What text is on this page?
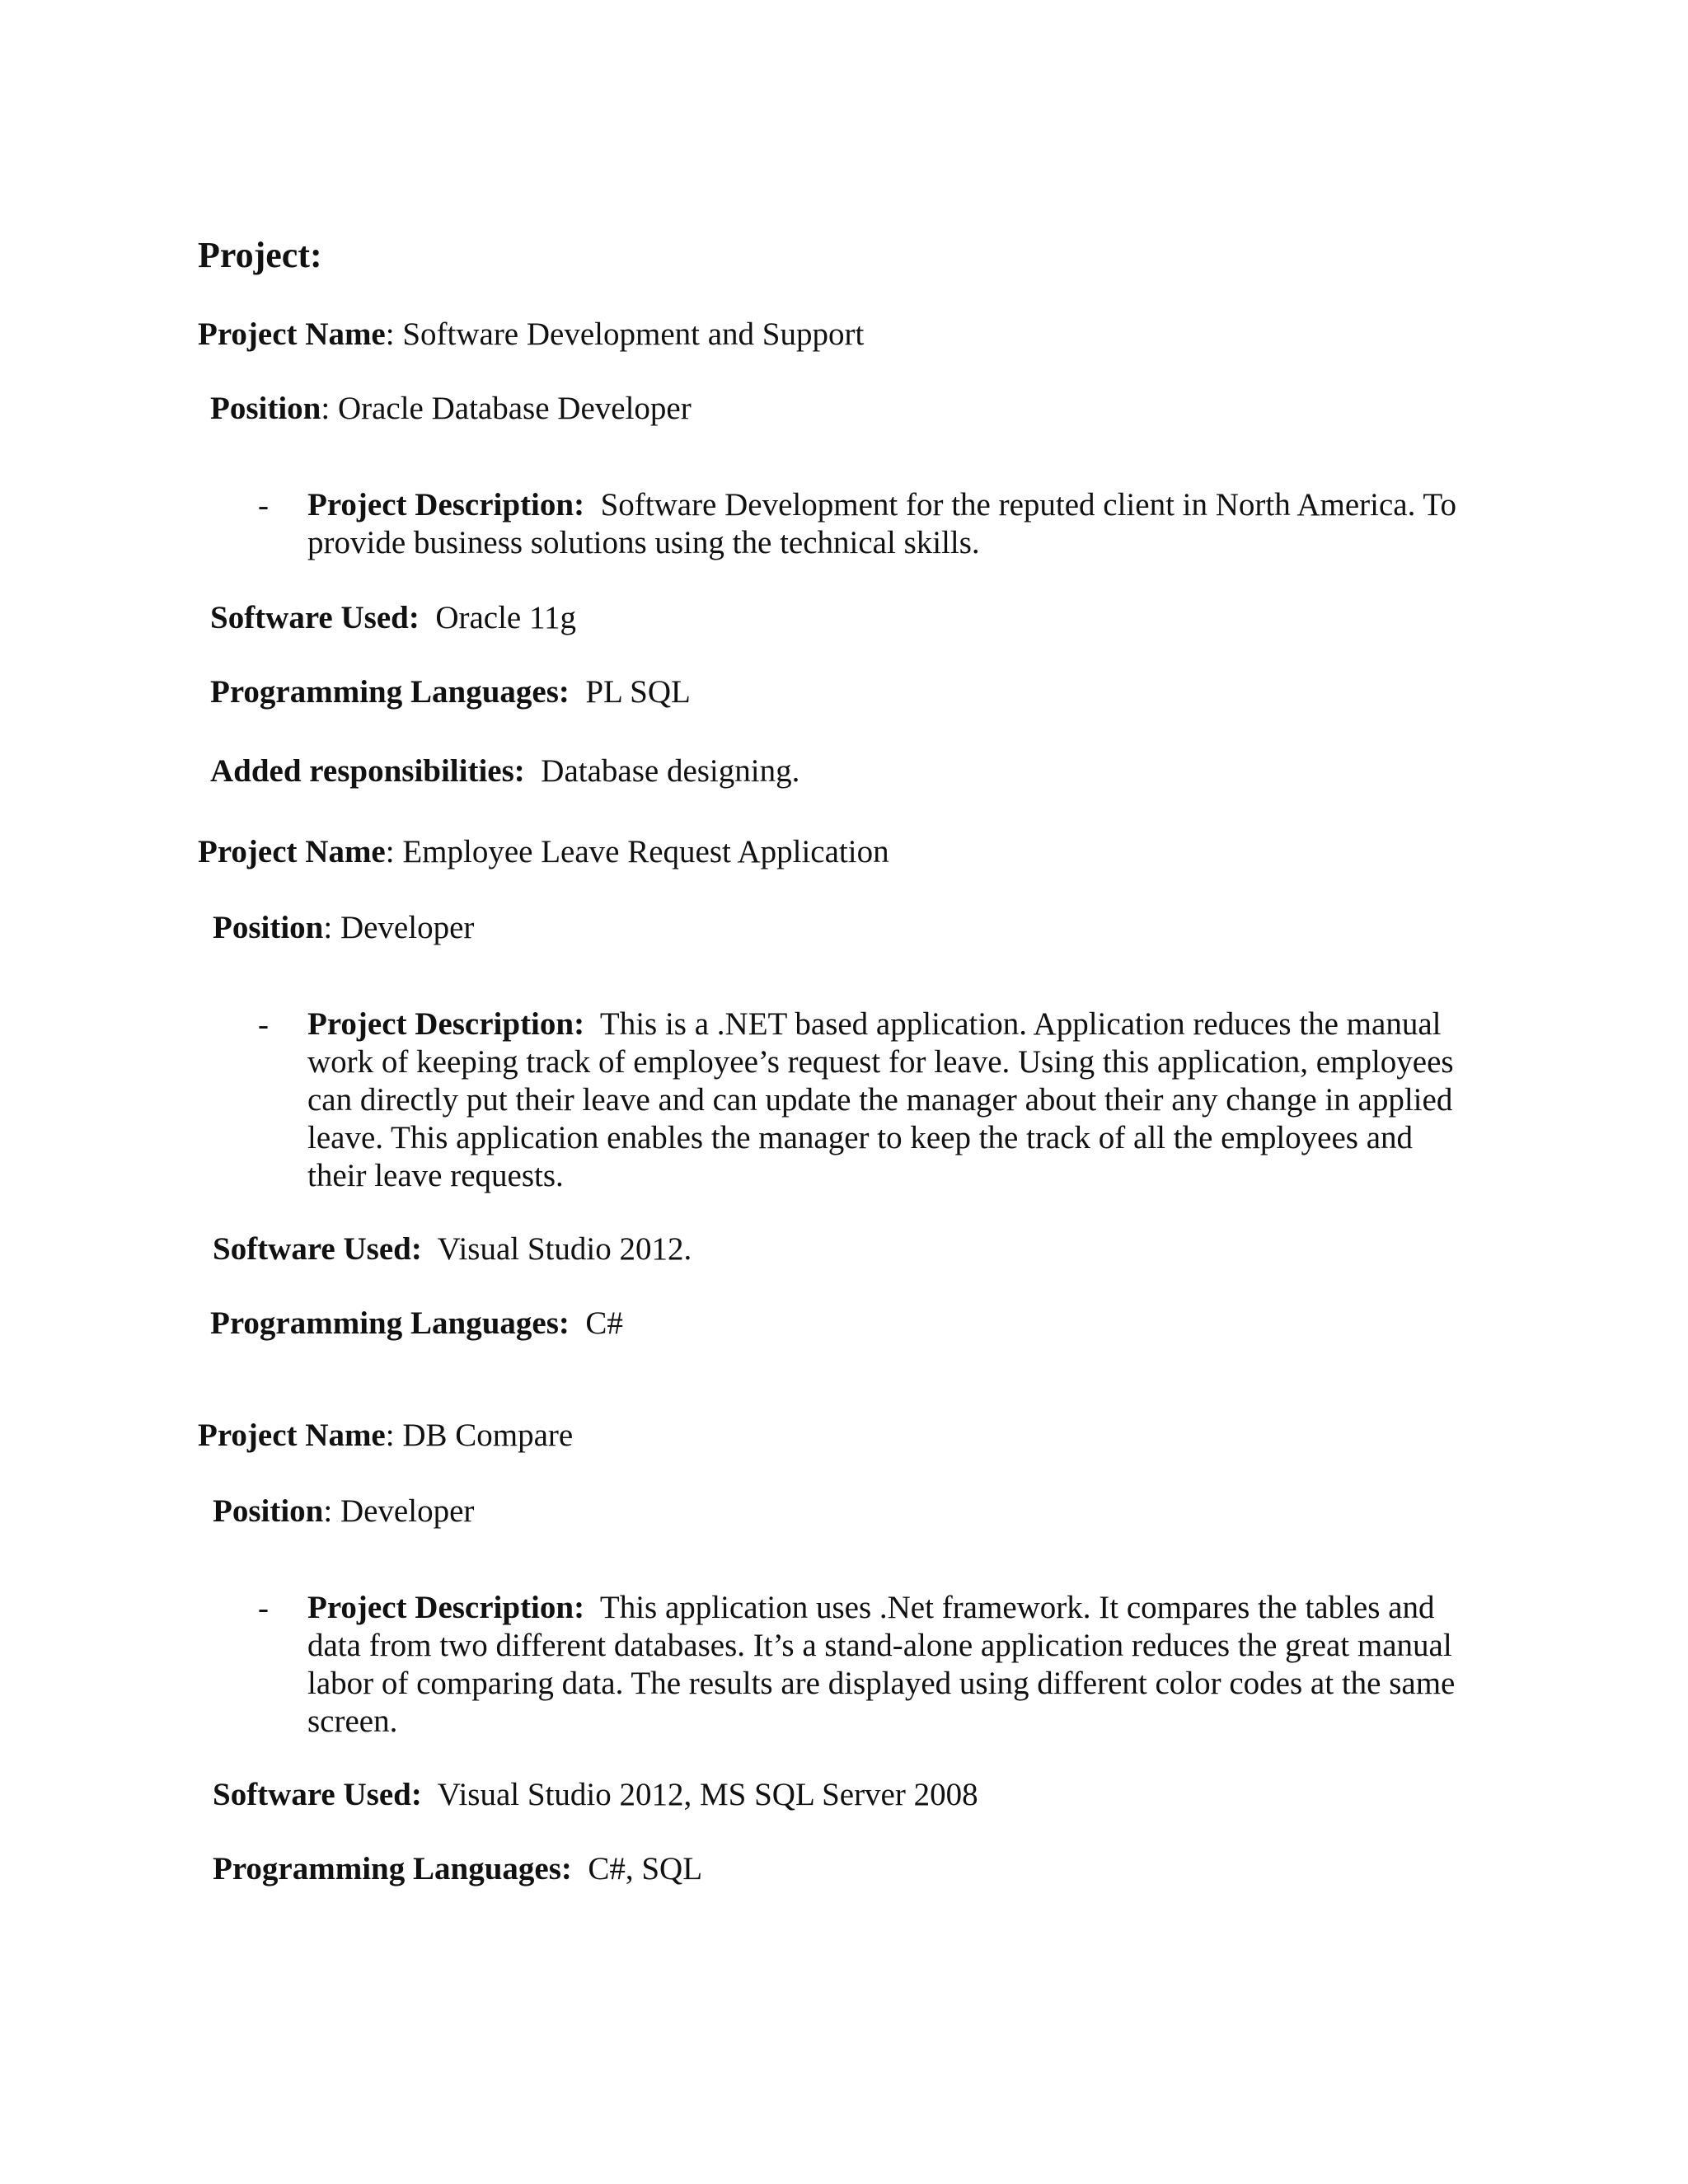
Project:
Project Name: Software Development and Support
Position: Oracle Database Developer
- Project Description: Software Development for the reputed client in North America. To provide business solutions using the technical skills.
Software Used: Oracle 11g
Programming Languages: PL SQL
Added responsibilities: Database designing.
Project Name: Employee Leave Request Application
Position: Developer
- Project Description: This is a .NET based application. Application reduces the manual work of keeping track of employee’s request for leave. Using this application, employees can directly put their leave and can update the manager about their any change in applied leave. This application enables the manager to keep the track of all the employees and their leave requests.
Software Used: Visual Studio 2012.
Programming Languages: C#
Project Name: DB Compare
Position: Developer
- Project Description: This application uses .Net framework. It compares the tables and data from two different databases. It’s a stand-alone application reduces the great manual labor of comparing data. The results are displayed using different color codes at the same screen.
Software Used: Visual Studio 2012, MS SQL Server 2008
Programming Languages: C#, SQL
